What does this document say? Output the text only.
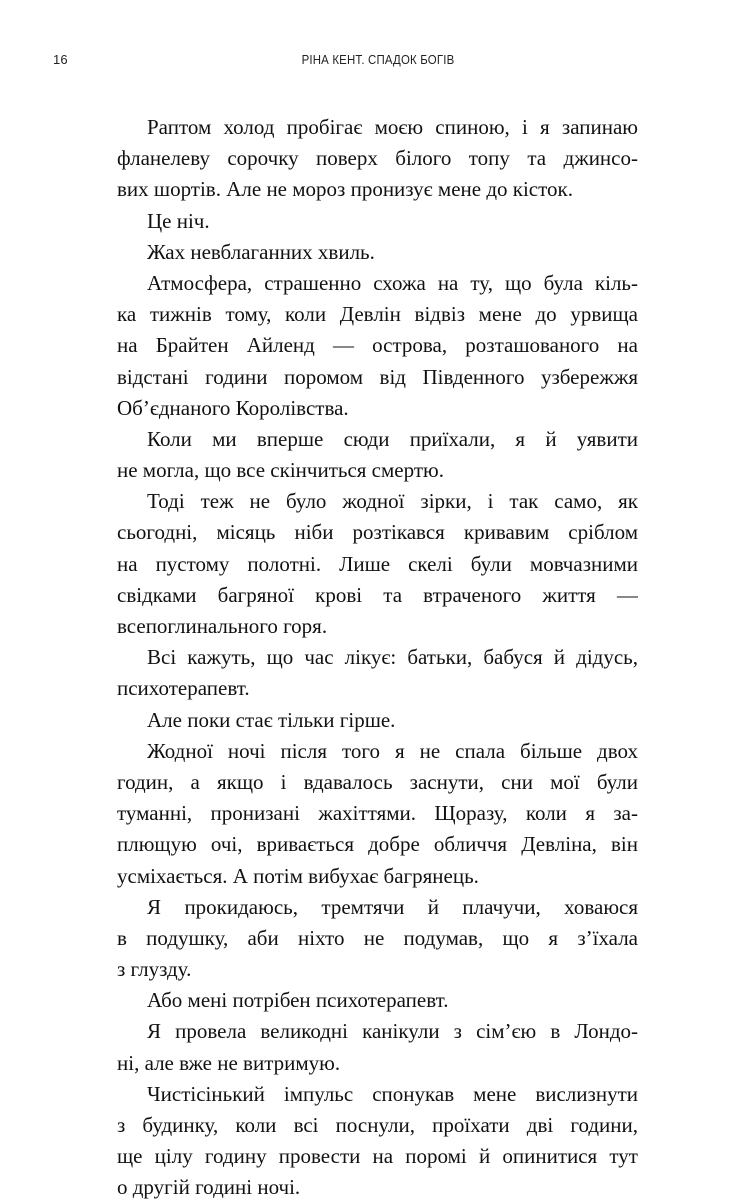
16	РІНА КЕНТ. СПАДОК БОГІВ
Раптом холод пробігає моєю спиною, і я запинаю
фланелеву сорочку поверх білого топу та джинсо-
вих шортів. Але не мороз пронизує мене до кісток.
Це ніч.
Жах невблаганних хвиль.
Атмосфера, страшенно схожа на ту, що була кіль-
ка тижнів тому, коли Девлін відвіз мене до урвища
на Брайтен Айленд — острова, розташованого на
відстані години поромом від Південного узбережжя
Об’єднаного Королівства.
Коли ми вперше сюди приїхали, я й уявити
не могла, що все скінчиться смертю.
Тоді теж не було жодної зірки, і так само, як
сьогодні, місяць ніби розтікався кривавим сріблом
на пустому полотні. Лише скелі були мовчазними
свідками багряної крові та втраченого життя —
всепоглинального горя.
Всі кажуть, що час лікує: батьки, бабуся й дідусь,
психотерапевт.
Але поки стає тільки гірше.
Жодної ночі після того я не спала більше двох
годин, а якщо і вдавалось заснути, сни мої були
туманні, пронизані жахіттями. Щоразу, коли я за-
плющую очі, вривається добре обличчя Девліна, він
усміхається. А потім вибухає багрянець.
Я прокидаюсь, тремтячи й плачучи, ховаюся
в подушку, аби ніхто не подумав, що я з’їхала
з глузду.
Або мені потрібен психотерапевт.
Я провела великодні канікули з сім’єю в Лондо-
ні, але вже не витримую.
Чистісінький імпульс спонукав мене вислизнути
з будинку, коли всі поснули, проїхати дві години,
ще цілу годину провести на поромі й опинитися тут
о другій годині ночі.
